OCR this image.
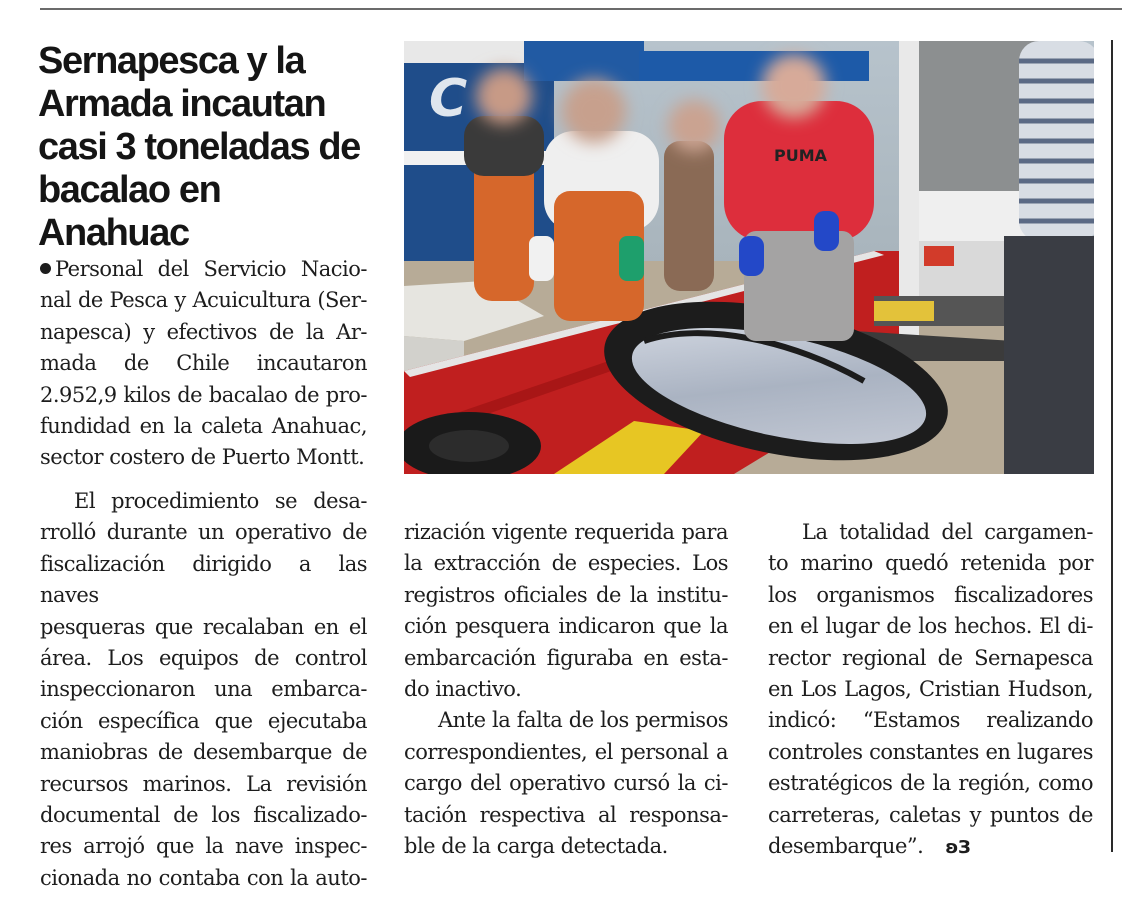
Sernapesca y la
Armada incautan
casi 3 toneladas de
bacalao en Anahuac

Personal del Servicio Nacio-

nal de Pesca y Acuicultura (Ser-

napesca) y efectivos de la Ar-

mada de Chile incautaron

2.952,9 kilos de bacalao de pro-

fundidad en la caleta Anahuac,

sector costero de Puerto Montt.

El procedimiento se desa-

rrolló durante un operativo de

fiscalización dirigido a las naves

pesqueras que recalaban en el

área. Los equipos de control

inspeccionaron una embarca-

ción específica que ejecutaba

maniobras de desembarque de

recursos marinos. La revisión

documental de los fiscalizado-

res arrojó que la nave inspec-

cionada no contaba con la auto-

rización vigente requerida para

la extracción de especies. Los

registros oficiales de la institu-

ción pesquera indicaron que la

embarcación figuraba en esta-

do inactivo.

Ante la falta de los permisos

correspondientes, el personal a

cargo del operativo cursó la ci-

tación respectiva al responsa-

ble de la carga detectada.

La totalidad del cargamen-

to marino quedó retenida por

los organismos fiscalizadores

en el lugar de los hechos. El di-

rector regional de Sernapesca

en Los Lagos, Cristian Hudson,

indicó: “Estamos realizando

controles constantes en lugares

estratégicos de la región, como

carreteras, caletas y puntos de

desembarque”. ʚЗ

C
PUMA
